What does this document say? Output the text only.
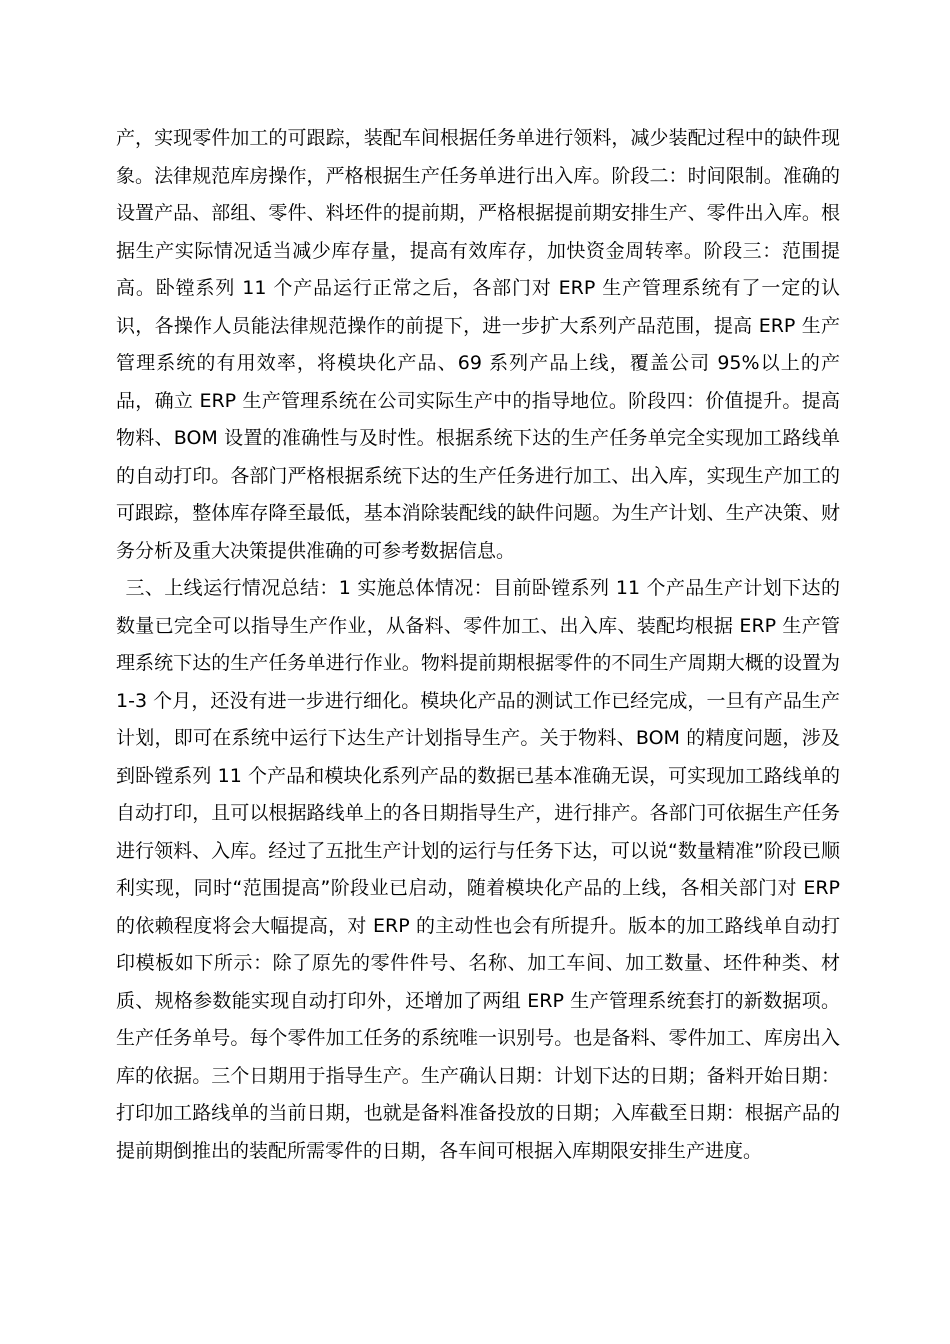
产，实现零件加工的可跟踪，装配车间根据任务单进行领料，减少装配过程中的缺件现象。法律规范库房操作，严格根据生产任务单进行出入库。阶段二：时间限制。准确的设置产品、部组、零件、料坯件的提前期，严格根据提前期安排生产、零件出入库。根据生产实际情况适当减少库存量，提高有效库存，加快资金周转率。阶段三：范围提高。卧镗系列 11 个产品运行正常之后，各部门对 ERP 生产管理系统有了一定的认识，各操作人员能法律规范操作的前提下，进一步扩大系列产品范围，提高 ERP 生产管理系统的有用效率，将模块化产品、69 系列产品上线，覆盖公司 95%以上的产品，确立 ERP 生产管理系统在公司实际生产中的指导地位。阶段四：价值提升。提高物料、BOM 设置的准确性与及时性。根据系统下达的生产任务单完全实现加工路线单的自动打印。各部门严格根据系统下达的生产任务进行加工、出入库，实现生产加工的可跟踪，整体库存降至最低，基本消除装配线的缺件问题。为生产计划、生产决策、财务分析及重大决策提供准确的可参考数据信息。

三、上线运行情况总结：1 实施总体情况：目前卧镗系列 11 个产品生产计划下达的数量已完全可以指导生产作业，从备料、零件加工、出入库、装配均根据 ERP 生产管理系统下达的生产任务单进行作业。物料提前期根据零件的不同生产周期大概的设置为 1-3 个月，还没有进一步进行细化。模块化产品的测试工作已经完成，一旦有产品生产计划，即可在系统中运行下达生产计划指导生产。关于物料、BOM 的精度问题，涉及到卧镗系列 11 个产品和模块化系列产品的数据已基本准确无误，可实现加工路线单的自动打印，且可以根据路线单上的各日期指导生产，进行排产。各部门可依据生产任务进行领料、入库。经过了五批生产计划的运行与任务下达，可以说“数量精准”阶段已顺利实现，同时“范围提高”阶段业已启动，随着模块化产品的上线，各相关部门对 ERP 的依赖程度将会大幅提高，对 ERP 的主动性也会有所提升。版本的加工路线单自动打印模板如下所示：除了原先的零件件号、名称、加工车间、加工数量、坯件种类、材质、规格参数能实现自动打印外，还增加了两组 ERP 生产管理系统套打的新数据项。生产任务单号。每个零件加工任务的系统唯一识别号。也是备料、零件加工、库房出入库的依据。三个日期用于指导生产。生产确认日期：计划下达的日期；备料开始日期：打印加工路线单的当前日期，也就是备料准备投放的日期；入库截至日期：根据产品的提前期倒推出的装配所需零件的日期，各车间可根据入库期限安排生产进度。
